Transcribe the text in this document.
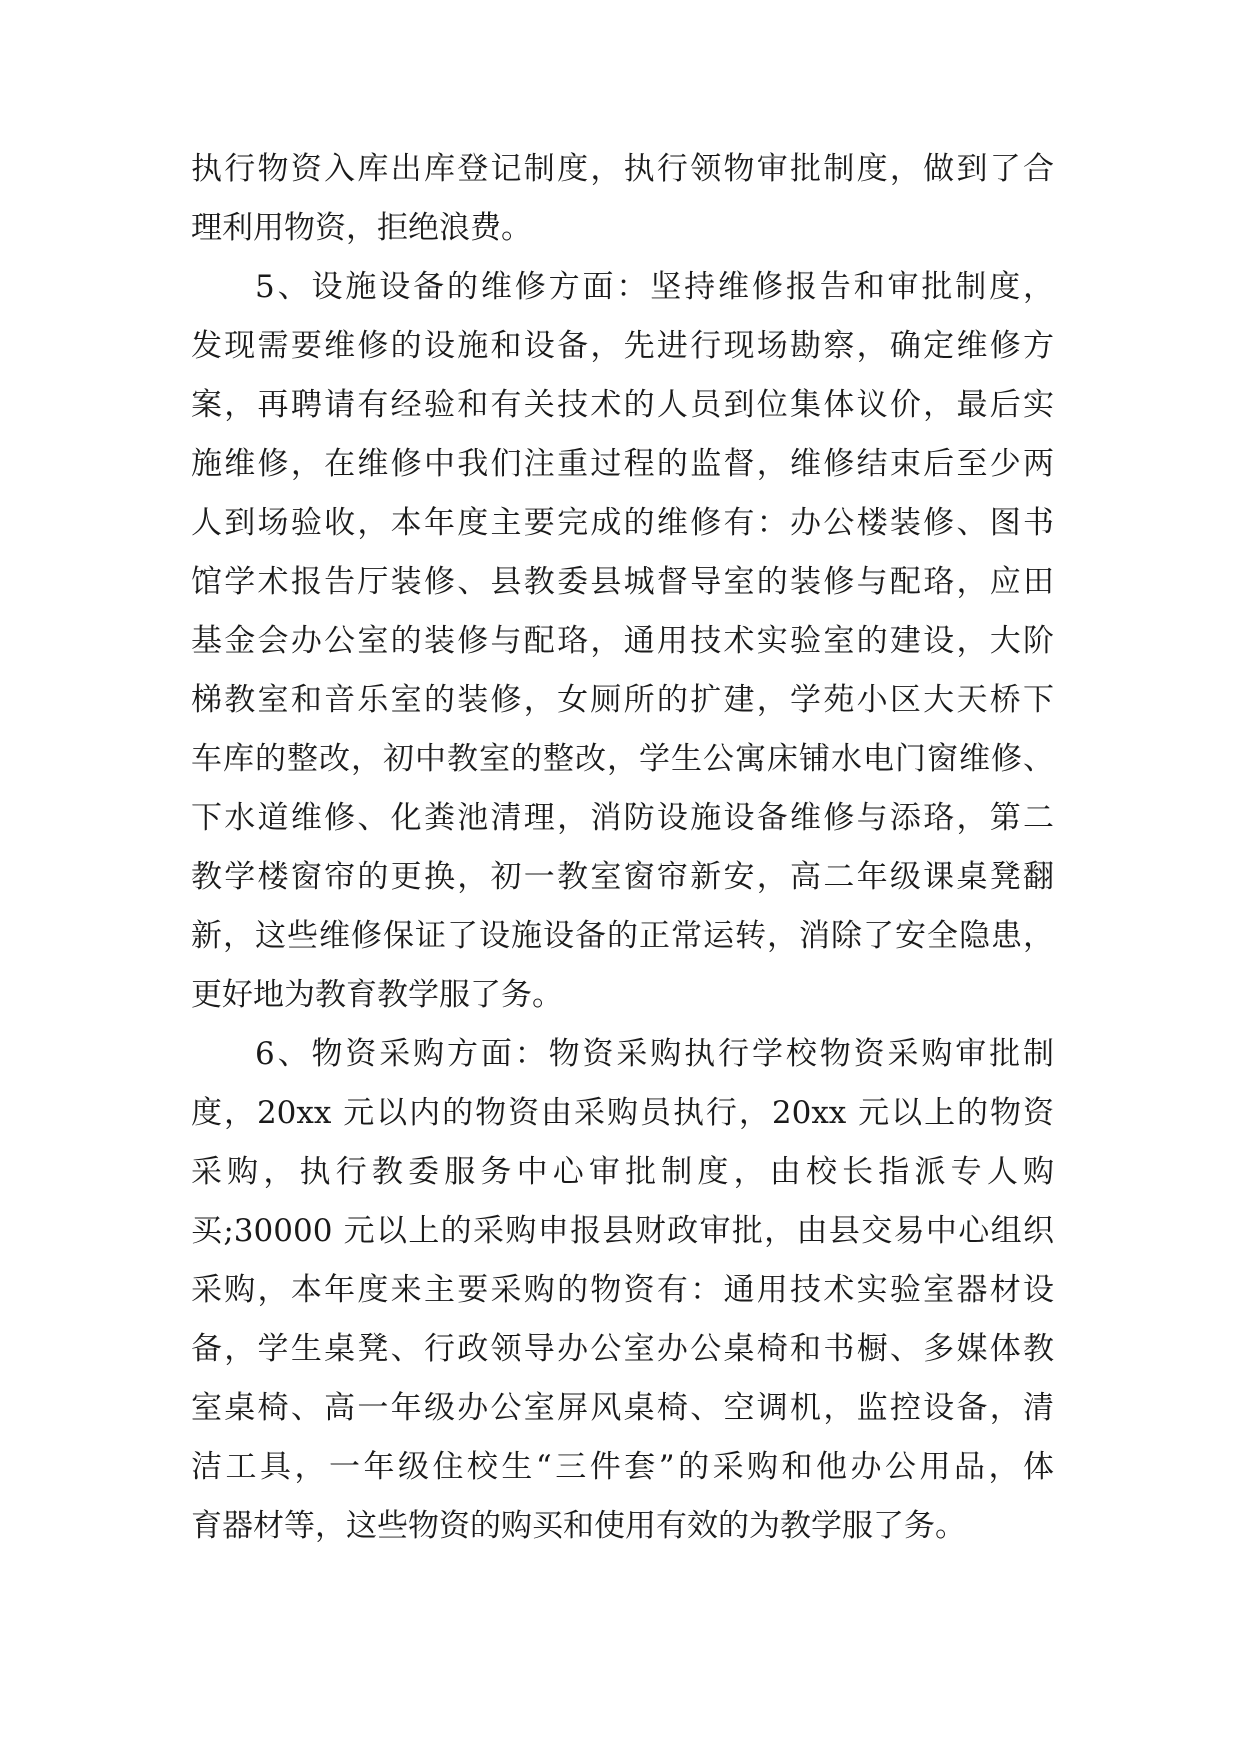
执行物资入库出库登记制度，执行领物审批制度，做到了合

理利用物资，拒绝浪费。

5、设施设备的维修方面：坚持维修报告和审批制度，

发现需要维修的设施和设备，先进行现场勘察，确定维修方

案，再聘请有经验和有关技术的人员到位集体议价，最后实

施维修，在维修中我们注重过程的监督，维修结束后至少两

人到场验收，本年度主要完成的维修有：办公楼装修、图书

馆学术报告厅装修、县教委县城督导室的装修与配珞，应田

基金会办公室的装修与配珞，通用技术实验室的建设，大阶

梯教室和音乐室的装修，女厕所的扩建，学苑小区大天桥下

车库的整改，初中教室的整改，学生公寓床铺水电门窗维修、

下水道维修、化粪池清理，消防设施设备维修与添珞，第二

教学楼窗帘的更换，初一教室窗帘新安，高二年级课桌凳翻

新，这些维修保证了设施设备的正常运转，消除了安全隐患，

更好地为教育教学服了务。

6、物资采购方面：物资采购执行学校物资采购审批制

度，20xx 元以内的物资由采购员执行，20xx 元以上的物资

采购，执行教委服务中心审批制度，由校长指派专人购

买;30000 元以上的采购申报县财政审批，由县交易中心组织

采购，本年度来主要采购的物资有：通用技术实验室器材设

备，学生桌凳、行政领导办公室办公桌椅和书橱、多媒体教

室桌椅、高一年级办公室屏风桌椅、空调机，监控设备，清

洁工具，一年级住校生“三件套”的采购和他办公用品，体

育器材等，这些物资的购买和使用有效的为教学服了务。
